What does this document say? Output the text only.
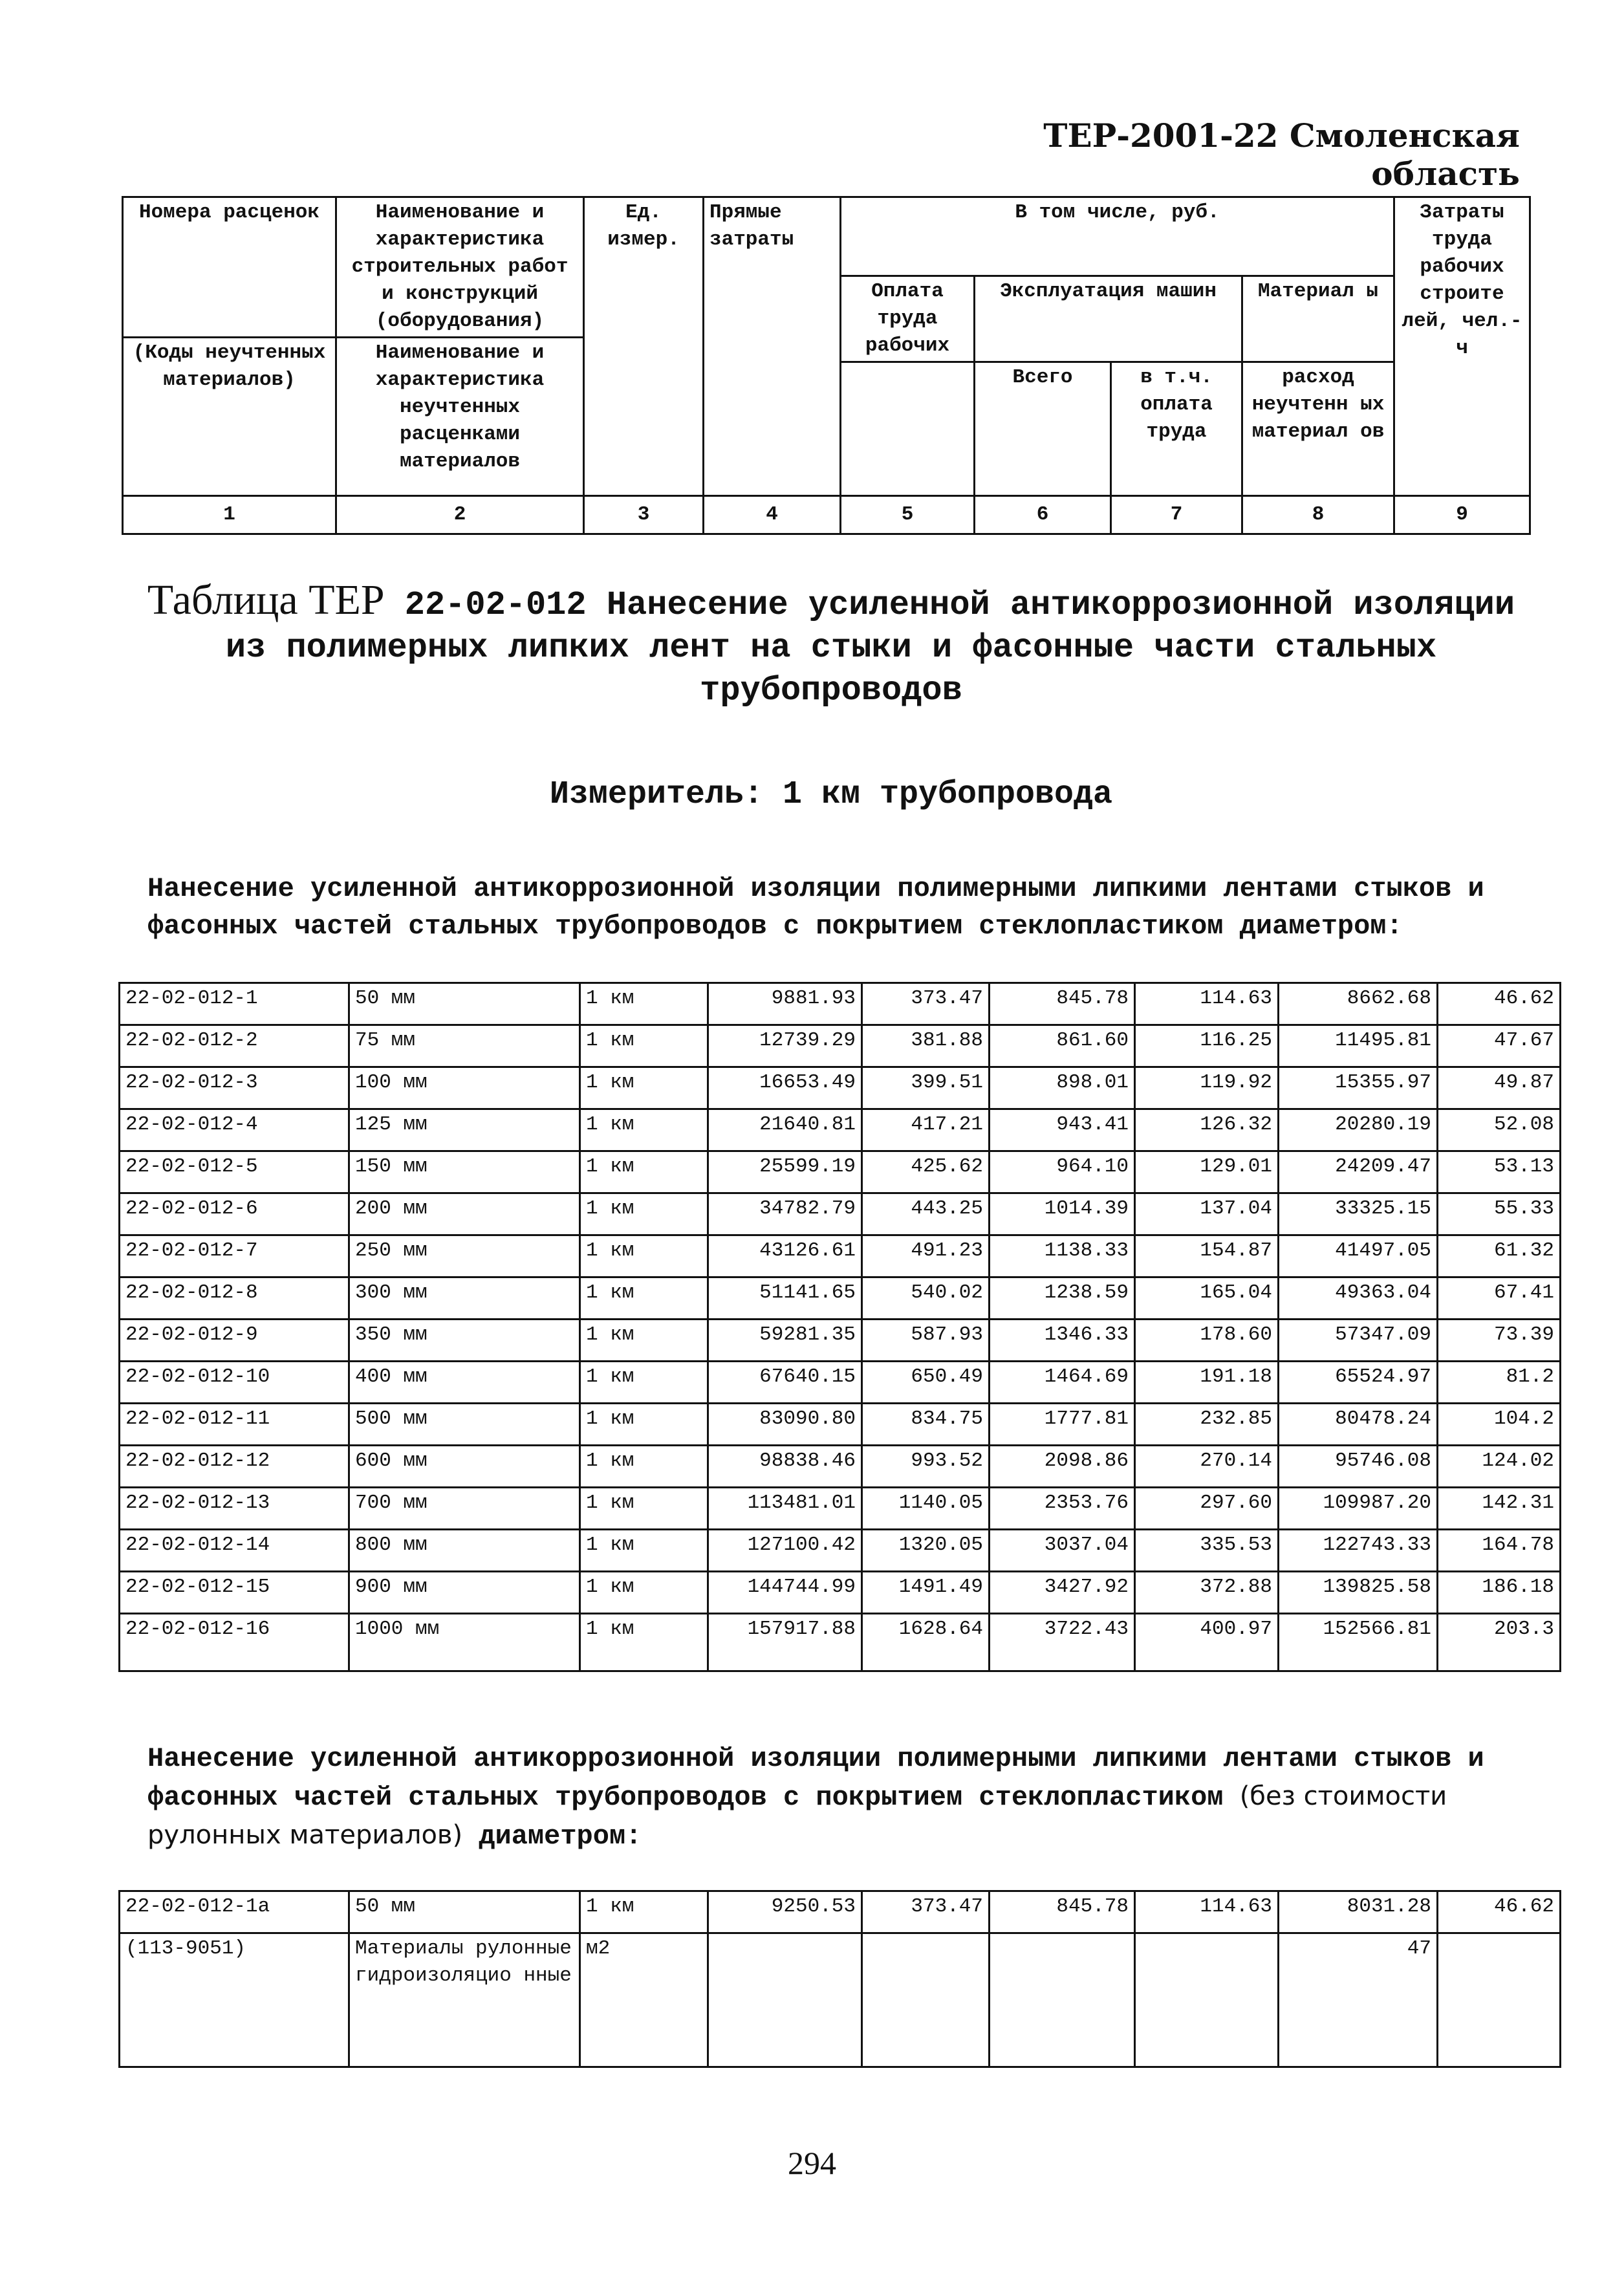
ТЕР-2001-22 Смоленская область
Номера расценок	Наименование и характеристика строительных работ и конструкций (оборудования)	Ед. измер.	Прямые затраты	В том числе, руб.				Затраты труда рабочих строите лей, чел.-ч
				Оплата труда рабочих	Эксплуатация машин		Материал ы	
(Коды неучтенных материалов)	Наименование и характеристика неучтенных расценками материалов							
					Всего	в т.ч. оплата труда	расход неучтенн ых материал ов	
1	2	3	4	5	6	7	8	9
Таблица ТЕР 22-02-012 Нанесение усиленной антикоррозионной изоляции из полимерных липких лент на стыки и фасонные части стальных трубопроводов
Измеритель: 1 км трубопровода
Нанесение усиленной антикоррозионной изоляции полимерными липкими лентами стыков и фасонных частей стальных трубопроводов с покрытием стеклопластиком диаметром:
22-02-012-1	50 мм	1 км	9881.93	373.47	845.78	114.63	8662.68	46.62
22-02-012-2	75 мм	1 км	12739.29	381.88	861.60	116.25	11495.81	47.67
22-02-012-3	100 мм	1 км	16653.49	399.51	898.01	119.92	15355.97	49.87
22-02-012-4	125 мм	1 км	21640.81	417.21	943.41	126.32	20280.19	52.08
22-02-012-5	150 мм	1 км	25599.19	425.62	964.10	129.01	24209.47	53.13
22-02-012-6	200 мм	1 км	34782.79	443.25	1014.39	137.04	33325.15	55.33
22-02-012-7	250 мм	1 км	43126.61	491.23	1138.33	154.87	41497.05	61.32
22-02-012-8	300 мм	1 км	51141.65	540.02	1238.59	165.04	49363.04	67.41
22-02-012-9	350 мм	1 км	59281.35	587.93	1346.33	178.60	57347.09	73.39
22-02-012-10	400 мм	1 км	67640.15	650.49	1464.69	191.18	65524.97	81.2
22-02-012-11	500 мм	1 км	83090.80	834.75	1777.81	232.85	80478.24	104.2
22-02-012-12	600 мм	1 км	98838.46	993.52	2098.86	270.14	95746.08	124.02
22-02-012-13	700 мм	1 км	113481.01	1140.05	2353.76	297.60	109987.20	142.31
22-02-012-14	800 мм	1 км	127100.42	1320.05	3037.04	335.53	122743.33	164.78
22-02-012-15	900 мм	1 км	144744.99	1491.49	3427.92	372.88	139825.58	186.18
22-02-012-16	1000 мм	1 км	157917.88	1628.64	3722.43	400.97	152566.81	203.3
Нанесение усиленной антикоррозионной изоляции полимерными липкими лентами стыков и фасонных частей стальных трубопроводов с покрытием стеклопластиком (без стоимости рулонных материалов) диаметром:
22-02-012-1а	50 мм	1 км	9250.53	373.47	845.78	114.63	8031.28	46.62
(113-9051)	Материалы рулонные гидроизоляцио нные	м2					47	
294
